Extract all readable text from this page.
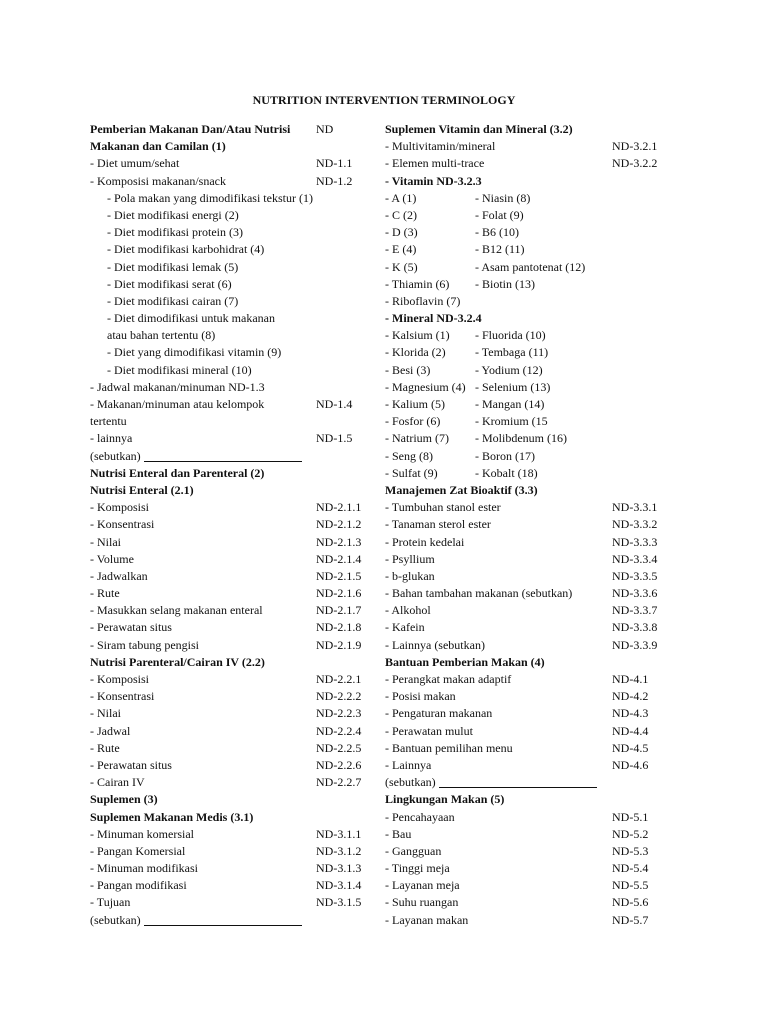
NUTRITION INTERVENTION TERMINOLOGY
Pemberian Makanan Dan/Atau Nutrisi ND
Makanan dan Camilan (1)
- Diet umum/sehat	ND-1.1
- Komposisi makanan/snack	ND-1.2
- Pola makan yang dimodifikasi tekstur (1)
- Diet modifikasi energi (2)
- Diet modifikasi protein (3)
- Diet modifikasi karbohidrat (4)
- Diet modifikasi lemak (5)
- Diet modifikasi serat (6)
- Diet modifikasi cairan (7)
- Diet dimodifikasi untuk makanan
atau bahan tertentu (8)
- Diet yang dimodifikasi vitamin (9)
- Diet modifikasi mineral (10)
- Jadwal makanan/minuman ND-1.3
- Makanan/minuman atau kelompok	ND-1.4
tertentu
- lainnya	ND-1.5
(sebutkan)
Nutrisi Enteral dan Parenteral (2)
Nutrisi Enteral (2.1)
- Komposisi	ND-2.1.1
- Konsentrasi	ND-2.1.2
- Nilai	ND-2.1.3
- Volume	ND-2.1.4
- Jadwalkan	ND-2.1.5
- Rute	ND-2.1.6
- Masukkan selang makanan enteral	ND-2.1.7
- Perawatan situs	ND-2.1.8
- Siram tabung pengisi	ND-2.1.9
Nutrisi Parenteral/Cairan IV (2.2)
- Komposisi	ND-2.2.1
- Konsentrasi	ND-2.2.2
- Nilai	ND-2.2.3
- Jadwal	ND-2.2.4
- Rute	ND-2.2.5
- Perawatan situs	ND-2.2.6
- Cairan IV	ND-2.2.7
Suplemen (3)
Suplemen Makanan Medis (3.1)
- Minuman komersial	ND-3.1.1
- Pangan Komersial	ND-3.1.2
- Minuman modifikasi	ND-3.1.3
- Pangan modifikasi	ND-3.1.4
- Tujuan	ND-3.1.5
(sebutkan)
Suplemen Vitamin dan Mineral (3.2)
- Multivitamin/mineral	ND-3.2.1
- Elemen multi-trace	ND-3.2.2
- Vitamin ND-3.2.3
- A (1)	- Niasin (8)
- C (2)	- Folat (9)
- D (3)	- B6 (10)
- E (4)	- B12 (11)
- K (5)	- Asam pantotenat (12)
- Thiamin (6) - Biotin (13)
- Riboflavin (7)
- Mineral ND-3.2.4
- Kalsium (1) - Fluorida (10)
- Klorida (2) - Tembaga (11)
- Besi (3)	- Yodium (12)
- Magnesium (4) - Selenium (13)
- Kalium (5)	- Mangan (14)
- Fosfor (6)	- Kromium (15
- Natrium (7) - Molibdenum (16)
- Seng (8)	- Boron (17)
- Sulfat (9)	- Kobalt (18)
Manajemen Zat Bioaktif (3.3)
- Tumbuhan stanol ester	ND-3.3.1
- Tanaman sterol ester	ND-3.3.2
- Protein kedelai	ND-3.3.3
- Psyllium	ND-3.3.4
- b-glukan	ND-3.3.5
- Bahan tambahan makanan (sebutkan)	ND-3.3.6
- Alkohol	ND-3.3.7
- Kafein	ND-3.3.8
- Lainnya (sebutkan)	ND-3.3.9
Bantuan Pemberian Makan (4)
- Perangkat makan adaptif	ND-4.1
- Posisi makan	ND-4.2
- Pengaturan makanan	ND-4.3
- Perawatan mulut	ND-4.4
- Bantuan pemilihan menu	ND-4.5
- Lainnya	ND-4.6
(sebutkan)
Lingkungan Makan (5)
- Pencahayaan	ND-5.1
- Bau	ND-5.2
- Gangguan	ND-5.3
- Tinggi meja	ND-5.4
- Layanan meja	ND-5.5
- Suhu ruangan	ND-5.6
- Layanan makan	ND-5.7
